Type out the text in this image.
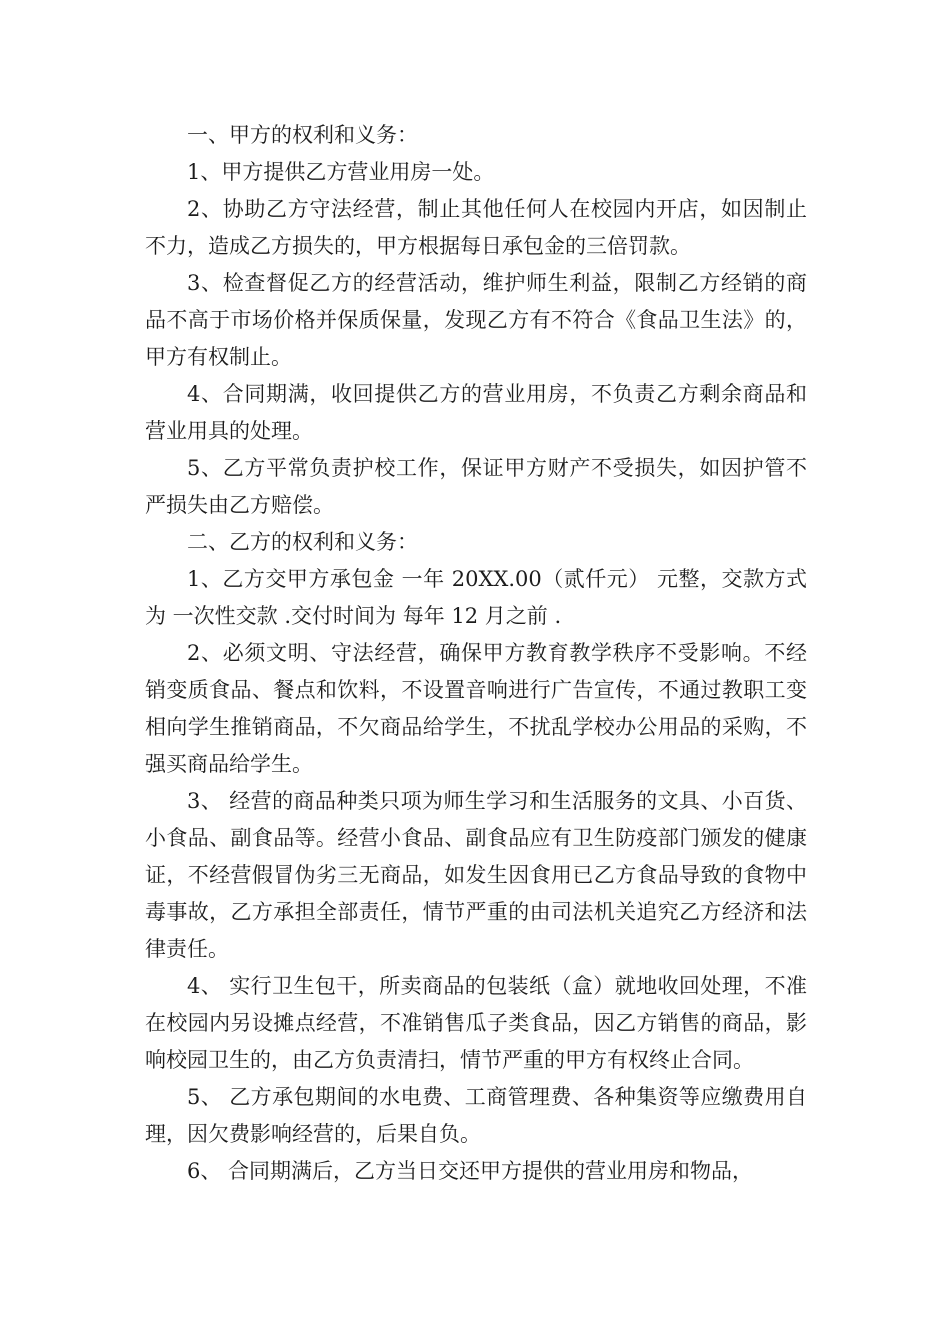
一、甲方的权利和义务：

1、甲方提供乙方营业用房一处。

2、协助乙方守法经营，制止其他任何人在校园内开店，如因制止不力，造成乙方损失的，甲方根据每日承包金的三倍罚款。

3、检查督促乙方的经营活动，维护师生利益，限制乙方经销的商品不高于市场价格并保质保量，发现乙方有不符合《食品卫生法》的，甲方有权制止。

4、合同期满，收回提供乙方的营业用房，不负责乙方剩余商品和营业用具的处理。

5、乙方平常负责护校工作，保证甲方财产不受损失，如因护管不严损失由乙方赔偿。

二、乙方的权利和义务：

1、乙方交甲方承包金 一年 20XX.00（贰仟元） 元整，交款方式为 一次性交款 .交付时间为 每年 12 月之前 .

2、必须文明、守法经营，确保甲方教育教学秩序不受影响。不经销变质食品、餐点和饮料，不设置音响进行广告宣传，不通过教职工变相向学生推销商品，不欠商品给学生，不扰乱学校办公用品的采购，不强买商品给学生。

3、 经营的商品种类只项为师生学习和生活服务的文具、小百货、小食品、副食品等。经营小食品、副食品应有卫生防疫部门颁发的健康证，不经营假冒伪劣三无商品，如发生因食用已乙方食品导致的食物中毒事故，乙方承担全部责任，情节严重的由司法机关追究乙方经济和法律责任。

4、 实行卫生包干，所卖商品的包装纸（盒）就地收回处理，不准在校园内另设摊点经营，不准销售瓜子类食品，因乙方销售的商品，影响校园卫生的，由乙方负责清扫，情节严重的甲方有权终止合同。

5、 乙方承包期间的水电费、工商管理费、各种集资等应缴费用自理，因欠费影响经营的，后果自负。

6、 合同期满后，乙方当日交还甲方提供的营业用房和物品，
